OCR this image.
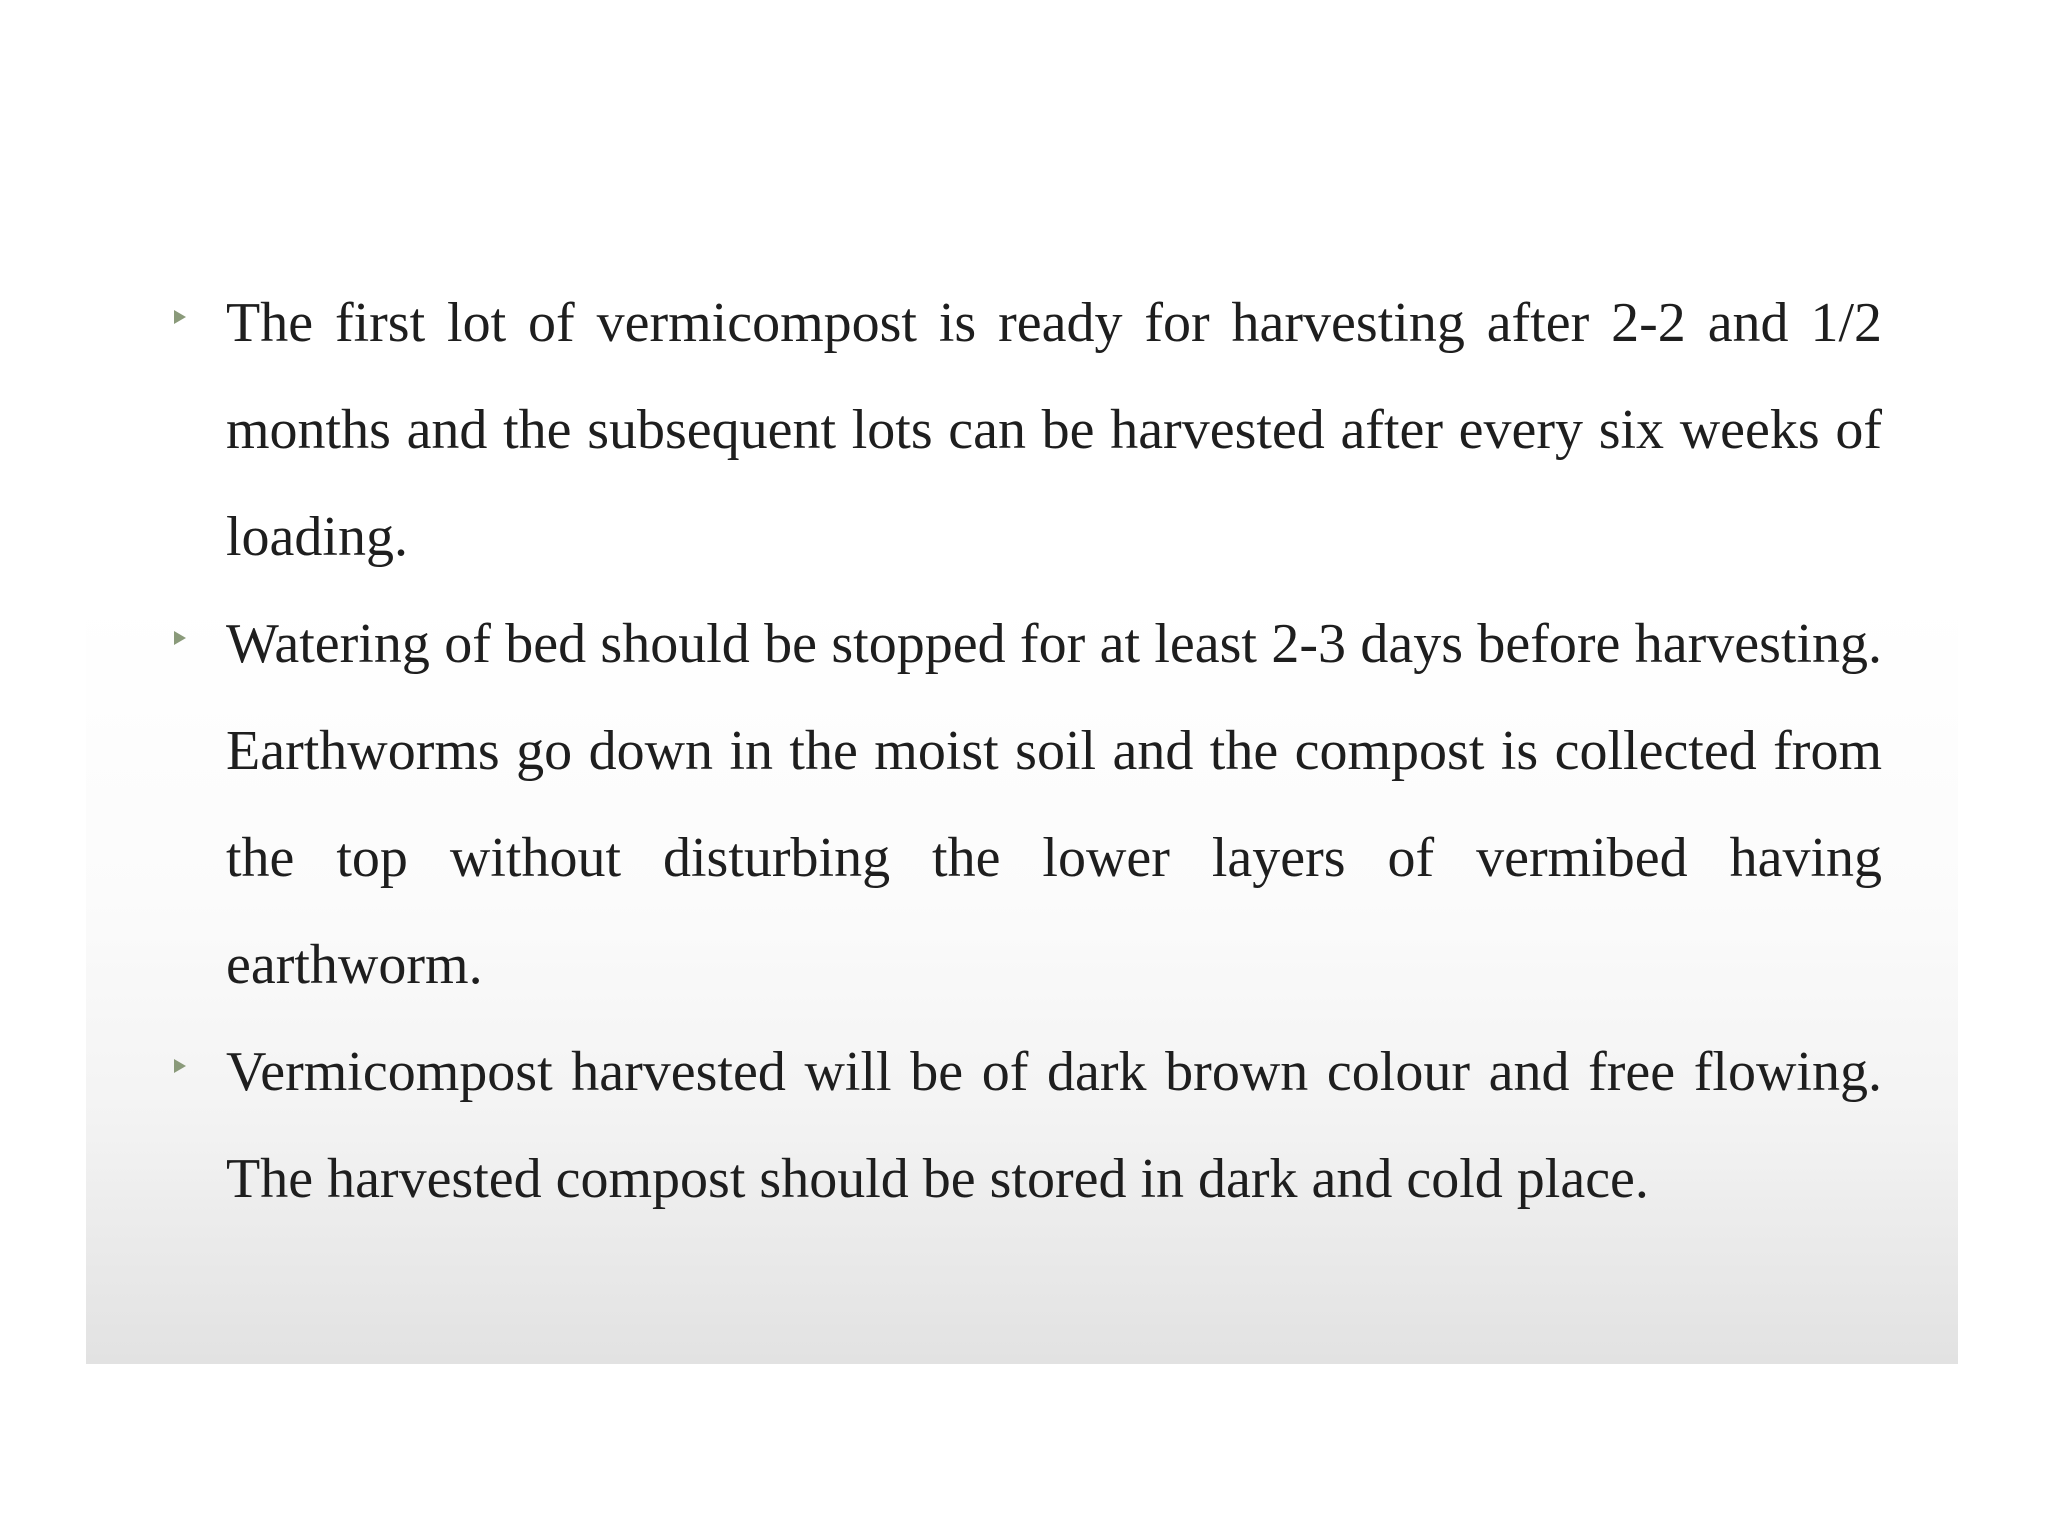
The first lot of vermicompost is ready for harvesting after 2-2 and 1/2 months and the subsequent lots can be harvested after every six weeks of loading.
Watering of bed should be stopped for at least 2-3 days before harvesting. Earthworms go down in the moist soil and the compost is collected from the top without disturbing the lower layers of vermibed having earthworm.
Vermicompost harvested will be of dark brown colour and free flowing. The harvested compost should be stored in dark and cold place.
